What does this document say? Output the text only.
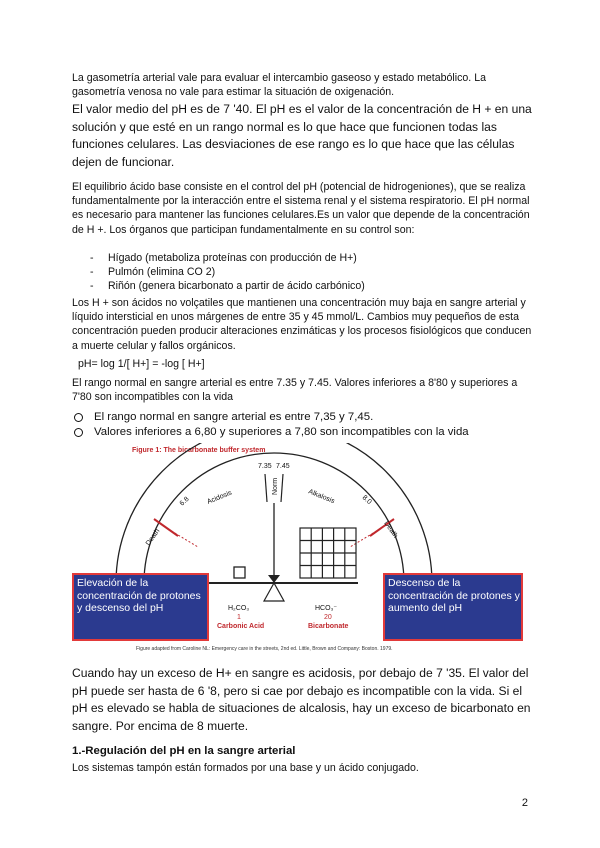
La gasometría arterial vale para evaluar el intercambio gaseoso y estado metabólico. La gasometría venosa no vale para estimar la situación de oxigenación.

El valor medio del pH es de 7 '40. El pH es el valor de la concentración de H + en una solución y que esté en un rango normal es lo que hace que funcionen todas las funciones celulares. Las desviaciones de ese rango es lo que hace que las células dejen de funcionar.

El equilibrio ácido base consiste en el control del pH (potencial de hidrogeniones), que se realiza fundamentalmente por la interacción entre el sistema renal y el sistema respiratorio. El pH normal es necesario para mantener las funciones celulares.Es un valor que depende de la concentración de H +. Los órganos que participan fundamentalmente en su control son:

- Hígado (metaboliza proteínas con producción de H+)
- Pulmón (elimina CO 2)
- Riñón (genera bicarbonato a partir de ácido carbónico)

Los H + son ácidos no volçatiles que mantienen una concentración muy baja en sangre arterial y líquido intersticial en unos márgenes de entre 35 y 45 mmol/L. Cambios muy pequeños de esta concentración pueden producir alteraciones enzimáticas y los procesos fisiológicos que conducen a muerte celular y fallos orgánicos.

pH= log 1/[ H+] = -log [ H+]

El rango normal en sangre arterial es entre 7.35 y 7.45. Valores inferiores a 8'80 y superiores a 7'80 son incompatibles con la vida

El rango normal en sangre arterial es entre 7,35 y 7,45.
Valores inferiores a 6,80 y superiores a 7,80 son incompatibles con la vida
Figure 1: The bicarbonate buffer system
7.35 7.45
Norm
Death
6.8 Acidosis	Alkalosis	8.0
Death
H₂CO₃
1
Carbonic Acid
HCO₃⁻
20
Bicarbonate
Elevación de la concentración de protones y descenso del pH
Descenso de la concentración de protones y aumento del pH
Figure adapted from Caroline NL: Emergency care in the streets, 2nd ed. Little, Brown and Company: Boston. 1979.

Cuando hay un exceso de H+ en sangre es acidosis, por debajo de 7 '35. El valor del pH puede ser hasta de 6 '8, pero si cae por debajo es incompatible con la vida. Si el pH es elevado se habla de situaciones de alcalosis, hay un exceso de bicarbonato en sangre. Por encima de 8 muerte.

1.-Regulación del pH en la sangre arterial

Los sistemas tampón están formados por una base y un ácido conjugado.

2
